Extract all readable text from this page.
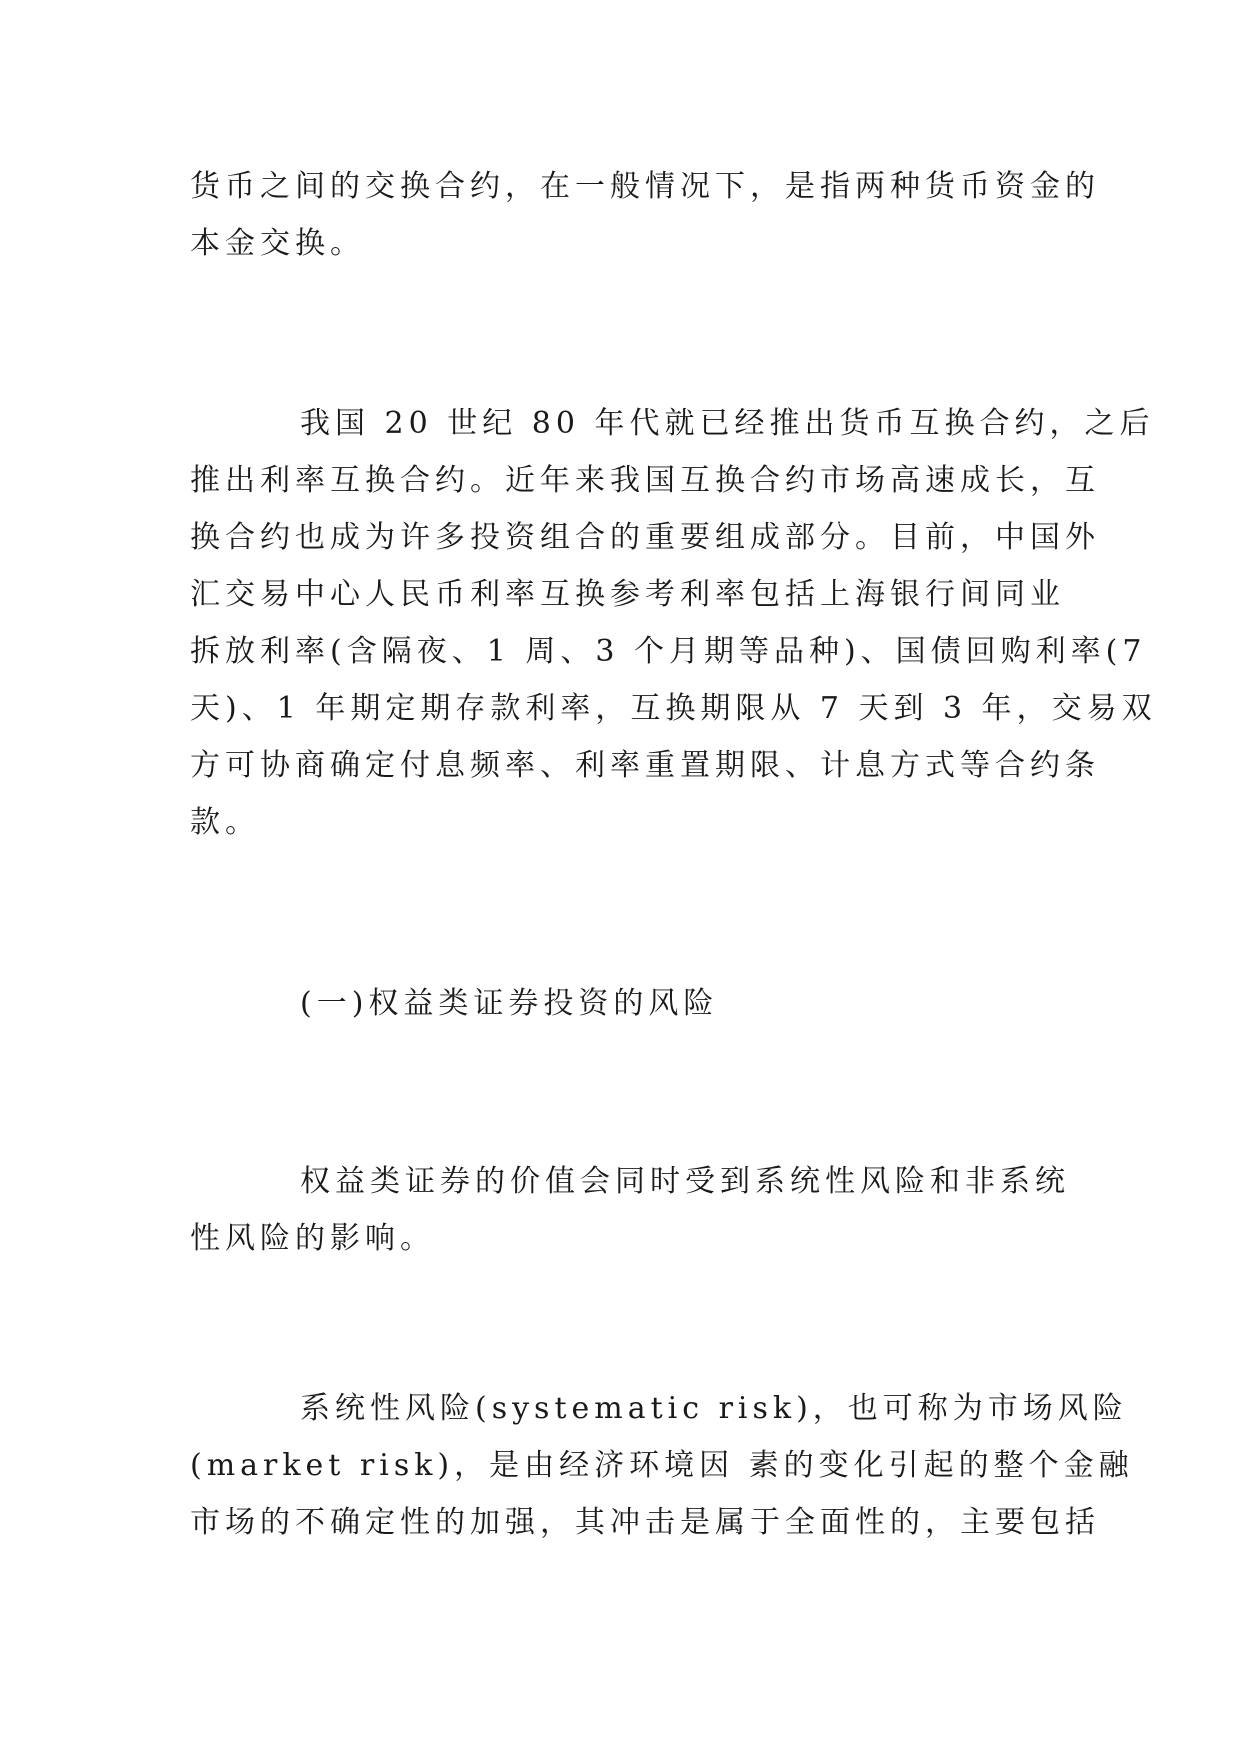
货币之间的交换合约，在一般情况下，是指两种货币资金的
本金交换。
我国 20 世纪 80 年代就已经推出货币互换合约，之后
推出利率互换合约。近年来我国互换合约市场高速成长，互
换合约也成为许多投资组合的重要组成部分。目前，中国外
汇交易中心人民币利率互换参考利率包括上海银行间同业
拆放利率(含隔夜、1 周、3 个月期等品种)、国债回购利率(7
天)、1 年期定期存款利率，互换期限从 7 天到 3 年，交易双
方可协商确定付息频率、利率重置期限、计息方式等合约条
款。
(一)权益类证券投资的风险
权益类证券的价值会同时受到系统性风险和非系统
性风险的影响。
系统性风险(systematic risk)，也可称为市场风险
(market risk)，是由经济环境因 素的变化引起的整个金融
市场的不确定性的加强，其冲击是属于全面性的，主要包括
